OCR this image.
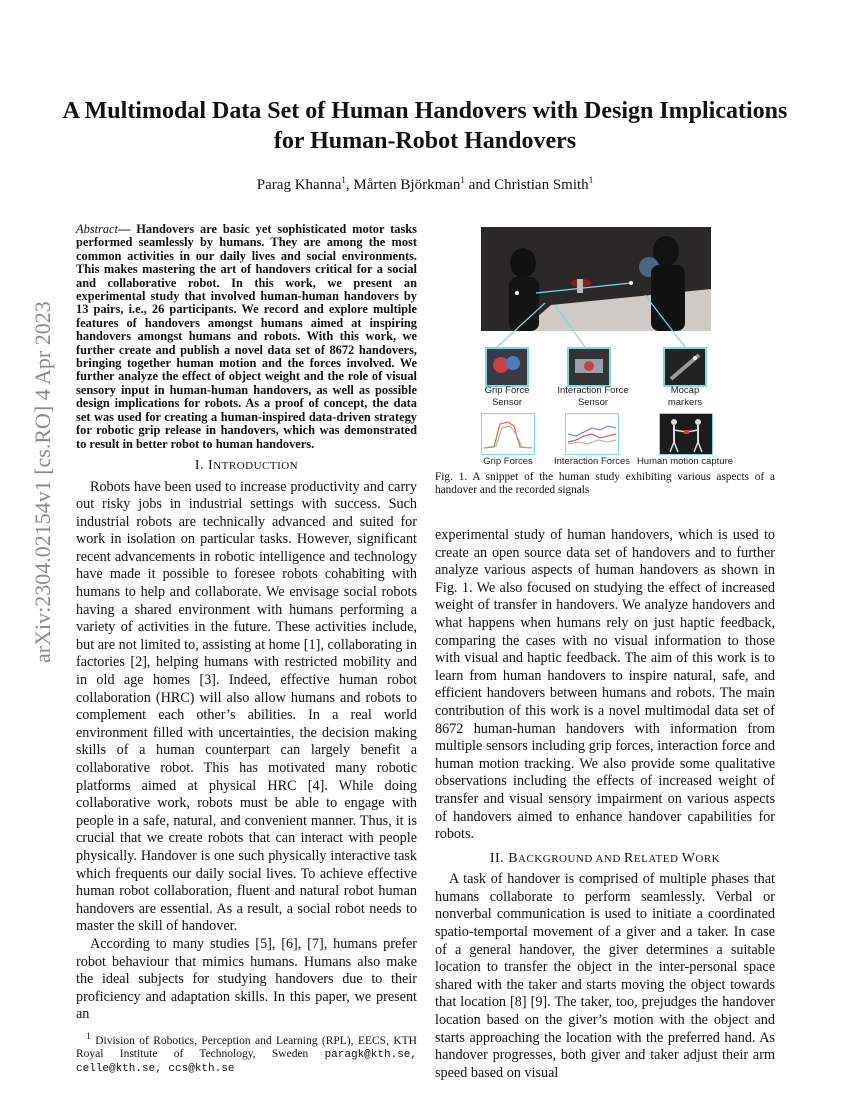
arXiv:2304.02154v1 [cs.RO] 4 Apr 2023
A Multimodal Data Set of Human Handovers with Design Implications
for Human-Robot Handovers
Parag Khanna$^1$, Mårten Björkman$^1$ and Christian Smith$^1$

Abstract— Handovers are basic yet sophisticated motor tasks performed seamlessly by humans. They are among the most common activities in our daily lives and social environments. This makes mastering the art of handovers critical for a social and collaborative robot. In this work, we present an experimental study that involved human-human handovers by 13 pairs, i.e., 26 participants. We record and explore multiple features of handovers amongst humans aimed at inspiring handovers amongst humans and robots. With this work, we further create and publish a novel data set of 8672 handovers, bringing together human motion and the forces involved. We further analyze the effect of object weight and the role of visual sensory input in human-human handovers, as well as possible design implications for robots. As a proof of concept, the data set was used for creating a human-inspired data-driven strategy for robotic grip release in handovers, which was demonstrated to result in better robot to human handovers.

I. INTRODUCTION

Robots have been used to increase productivity and carry out risky jobs in industrial settings with success. Such industrial robots are technically advanced and suited for work in isolation on particular tasks. However, significant recent advancements in robotic intelligence and technology have made it possible to foresee robots cohabiting with humans to help and collaborate. We envisage social robots having a shared environment with humans performing a variety of activities in the future. These activities include, but are not limited to, assisting at home [1], collaborating in factories [2], helping humans with restricted mobility and in old age homes [3]. Indeed, effective human robot collaboration (HRC) will also allow humans and robots to complement each other’s abilities. In a real world environment filled with uncertainties, the decision making skills of a human counterpart can largely benefit a collaborative robot. This has motivated many robotic platforms aimed at physical HRC [4]. While doing collaborative work, robots must be able to engage with people in a safe, natural, and convenient manner. Thus, it is crucial that we create robots that can interact with people physically. Handover is one such physically interactive task which frequents our daily social lives. To achieve effective human robot collaboration, fluent and natural robot human handovers are essential. As a result, a social robot needs to master the skill of handover.

According to many studies [5], [6], [7], humans prefer robot behaviour that mimics humans. Humans also make the ideal subjects for studying handovers due to their proficiency and adaptation skills. In this paper, we present an

$^1$ Division of Robotics, Perception and Learning (RPL), EECS, KTH Royal Institute of Technology, Sweden paragk@kth.se, celle@kth.se, ccs@kth.se
Grip Force Sensor
Interaction Force Sensor
Mocap markers
Grip Forces	Interaction Forces Human motion capture
Fig. 1. A snippet of the human study exhibiting various aspects of a handover and the recorded signals

experimental study of human handovers, which is used to create an open source data set of handovers and to further analyze various aspects of human handovers as shown in Fig. 1. We also focused on studying the effect of increased weight of transfer in handovers. We analyze handovers and what happens when humans rely on just haptic feedback, comparing the cases with no visual information to those with visual and haptic feedback. The aim of this work is to learn from human handovers to inspire natural, safe, and efficient handovers between humans and robots. The main contribution of this work is a novel multimodal data set of 8672 human-human handovers with information from multiple sensors including grip forces, interaction force and human motion tracking. We also provide some qualitative observations including the effects of increased weight of transfer and visual sensory impairment on various aspects of handovers aimed to enhance handover capabilities for robots.

II. BACKGROUND AND RELATED WORK

A task of handover is comprised of multiple phases that humans collaborate to perform seamlessly. Verbal or nonverbal communication is used to initiate a coordinated spatio-temportal movement of a giver and a taker. In case of a general handover, the giver determines a suitable location to transfer the object in the inter-personal space shared with the taker and starts moving the object towards that location [8] [9]. The taker, too, prejudges the handover location based on the giver’s motion with the object and starts approaching the location with the preferred hand. As handover progresses, both giver and taker adjust their arm speed based on visual
